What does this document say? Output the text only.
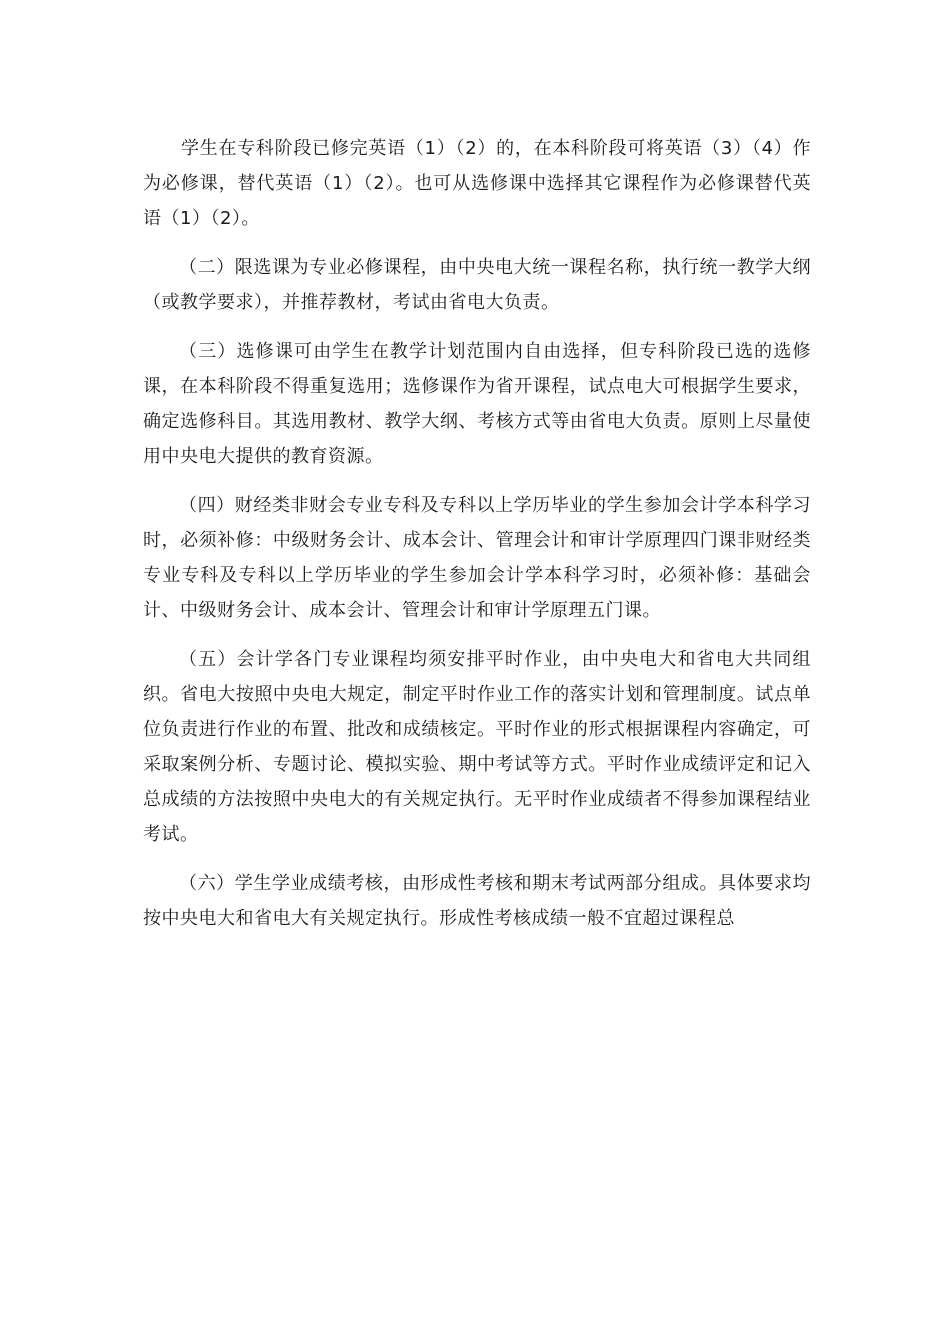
学生在专科阶段已修完英语（1）（2）的，在本科阶段可将英语（3）（4）作为必修课，替代英语（1）（2）。也可从选修课中选择其它课程作为必修课替代英语（1）（2）。

（二）限选课为专业必修课程，由中央电大统一课程名称，执行统一教学大纲（或教学要求），并推荐教材，考试由省电大负责。

（三）选修课可由学生在教学计划范围内自由选择，但专科阶段已选的选修课，在本科阶段不得重复选用；选修课作为省开课程，试点电大可根据学生要求，确定选修科目。其选用教材、教学大纲、考核方式等由省电大负责。原则上尽量使用中央电大提供的教育资源。

（四）财经类非财会专业专科及专科以上学历毕业的学生参加会计学本科学习时，必须补修：中级财务会计、成本会计、管理会计和审计学原理四门课非财经类专业专科及专科以上学历毕业的学生参加会计学本科学习时，必须补修：基础会计、中级财务会计、成本会计、管理会计和审计学原理五门课。

（五）会计学各门专业课程均须安排平时作业，由中央电大和省电大共同组织。省电大按照中央电大规定，制定平时作业工作的落实计划和管理制度。试点单位负责进行作业的布置、批改和成绩核定。平时作业的形式根据课程内容确定，可采取案例分析、专题讨论、模拟实验、期中考试等方式。平时作业成绩评定和记入总成绩的方法按照中央电大的有关规定执行。无平时作业成绩者不得参加课程结业考试。

（六）学生学业成绩考核，由形成性考核和期末考试两部分组成。具体要求均按中央电大和省电大有关规定执行。形成性考核成绩一般不宜超过课程总
